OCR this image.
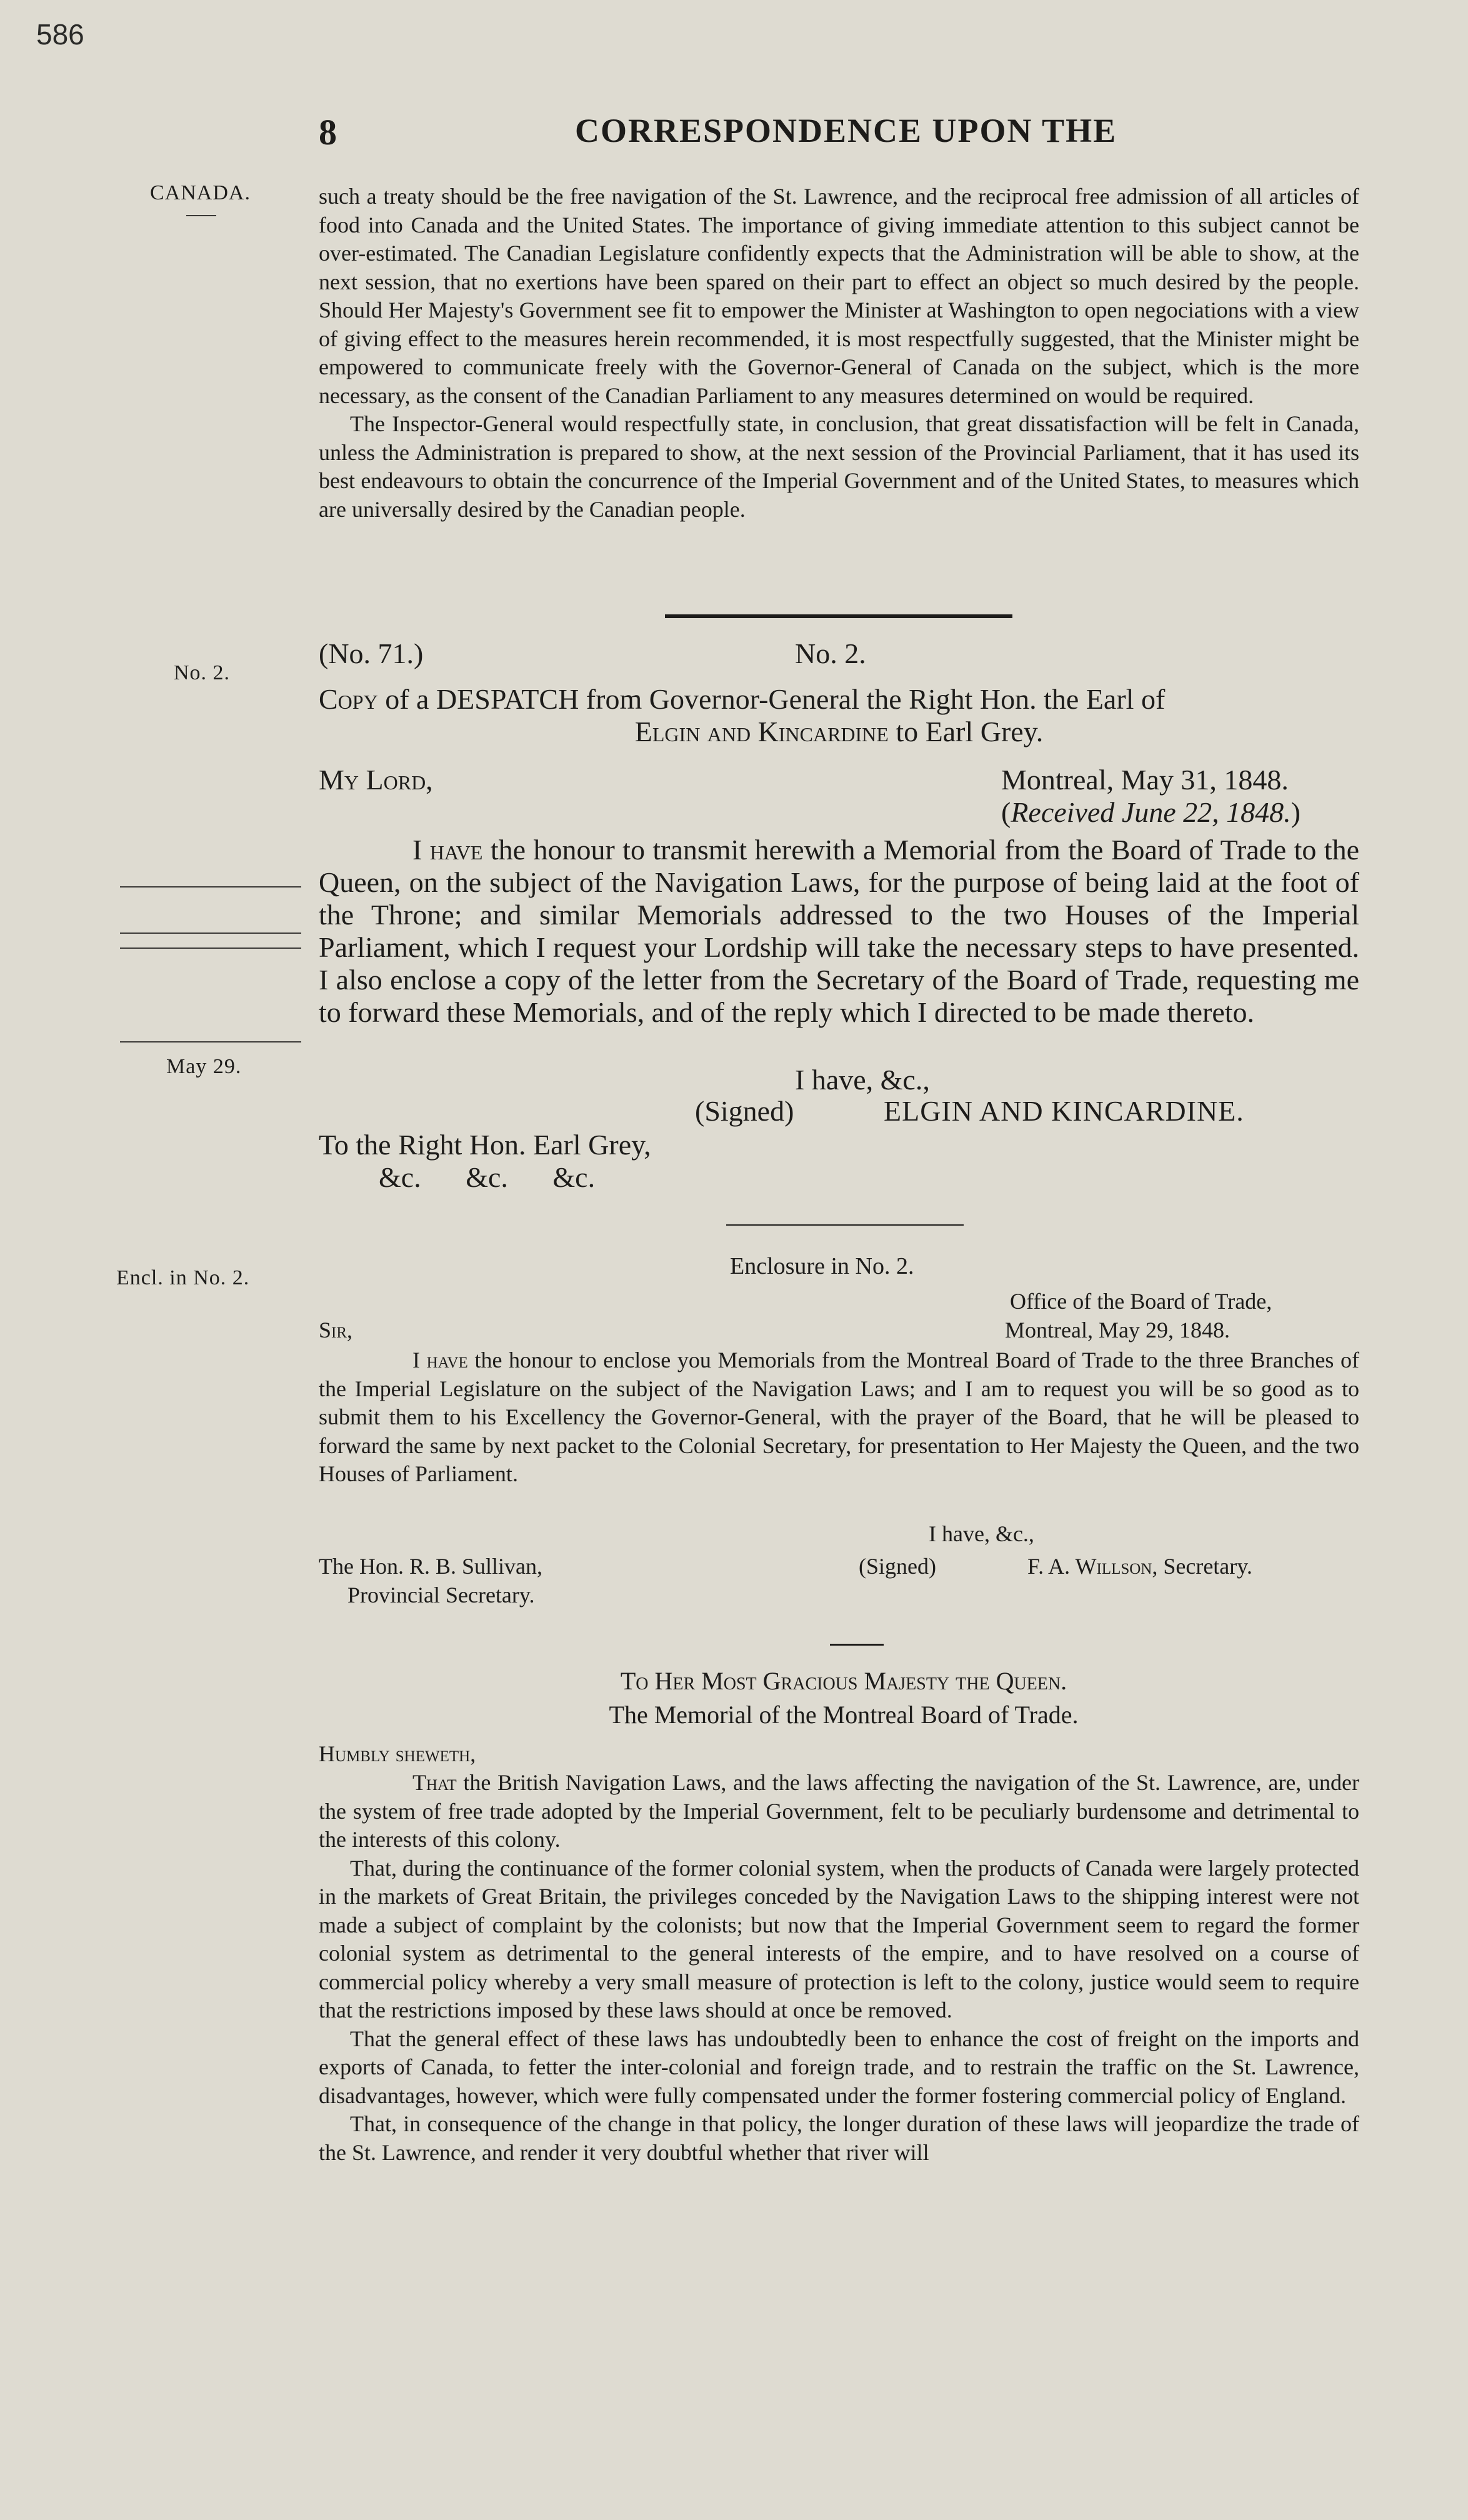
586
8	CORRESPONDENCE UPON THE
CANADA.
No. 2.
May 29.
Encl. in No. 2.

such a treaty should be the free navigation of the St. Lawrence, and the reciprocal free admission of all articles of food into Canada and the United States. The importance of giving immediate attention to this subject cannot be over-estimated. The Canadian Legislature confidently expects that the Administration will be able to show, at the next session, that no exertions have been spared on their part to effect an object so much desired by the people. Should Her Majesty's Government see fit to empower the Minister at Washington to open negociations with a view of giving effect to the measures herein recommended, it is most respectfully suggested, that the Minister might be empowered to communicate freely with the Governor-General of Canada on the subject, which is the more necessary, as the consent of the Canadian Parliament to any measures determined on would be required.

The Inspector-General would respectfully state, in conclusion, that great dissatisfaction will be felt in Canada, unless the Administration is prepared to show, at the next session of the Provincial Parliament, that it has used its best endeavours to obtain the concurrence of the Imperial Government and of the United States, to measures which are universally desired by the Canadian people.

(No. 71.)	No. 2.
Copy of a DESPATCH from Governor-General the Right Hon. the Earl of
Elgin and Kincardine to Earl Grey.
My Lord,	Montreal, May 31, 1848.
(Received June 22, 1848.)

I have the honour to transmit herewith a Memorial from the Board of Trade to the Queen, on the subject of the Navigation Laws, for the purpose of being laid at the foot of the Throne; and similar Memorials addressed to the two Houses of the Imperial Parliament, which I request your Lordship will take the necessary steps to have presented. I also enclose a copy of the letter from the Secretary of the Board of Trade, requesting me to forward these Memorials, and of the reply which I directed to be made thereto.

I have, &c.,
(Signed)	ELGIN AND KINCARDINE.
To the Right Hon. Earl Grey,
&c. &c. &c.
Enclosure in No. 2.
Office of the Board of Trade,
Sir,	Montreal, May 29, 1848.

I have the honour to enclose you Memorials from the Montreal Board of Trade to the three Branches of the Imperial Legislature on the subject of the Navigation Laws; and I am to request you will be so good as to submit them to his Excellency the Governor-General, with the prayer of the Board, that he will be pleased to forward the same by next packet to the Colonial Secretary, for presentation to Her Majesty the Queen, and the two Houses of Parliament.

I have, &c.,
The Hon. R. B. Sullivan,	(Signed)	F. A. Willson, Secretary.
Provincial Secretary.
To Her Most Gracious Majesty the Queen.
The Memorial of the Montreal Board of Trade.
Humbly sheweth,

That the British Navigation Laws, and the laws affecting the navigation of the St. Lawrence, are, under the system of free trade adopted by the Imperial Government, felt to be peculiarly burdensome and detrimental to the interests of this colony.

That, during the continuance of the former colonial system, when the products of Canada were largely protected in the markets of Great Britain, the privileges conceded by the Navigation Laws to the shipping interest were not made a subject of complaint by the colonists; but now that the Imperial Government seem to regard the former colonial system as detrimental to the general interests of the empire, and to have resolved on a course of commercial policy whereby a very small measure of protection is left to the colony, justice would seem to require that the restrictions imposed by these laws should at once be removed.

That the general effect of these laws has undoubtedly been to enhance the cost of freight on the imports and exports of Canada, to fetter the inter-colonial and foreign trade, and to restrain the traffic on the St. Lawrence, disadvantages, however, which were fully compensated under the former fostering commercial policy of England.

That, in consequence of the change in that policy, the longer duration of these laws will jeopardize the trade of the St. Lawrence, and render it very doubtful whether that river will
